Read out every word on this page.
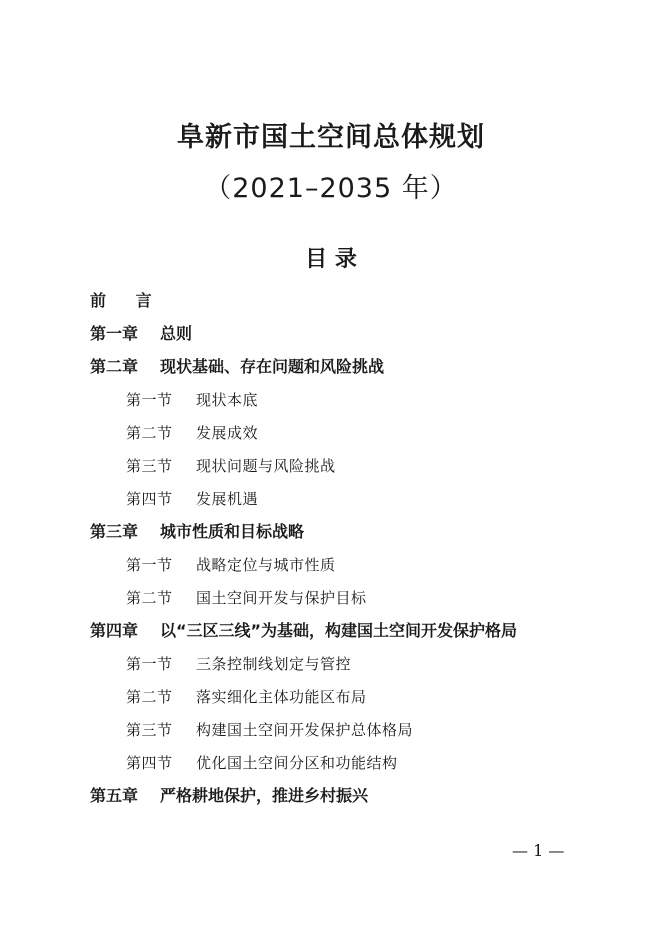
阜新市国土空间总体规划
（2021–2035 年）
目 录
前 言
第一章 总则
第二章 现状基础、存在问题和风险挑战
第一节 现状本底
第二节 发展成效
第三节 现状问题与风险挑战
第四节 发展机遇
第三章 城市性质和目标战略
第一节 战略定位与城市性质
第二节 国土空间开发与保护目标
第四章 以“三区三线”为基础，构建国土空间开发保护格局
第一节 三条控制线划定与管控
第二节 落实细化主体功能区布局
第三节 构建国土空间开发保护总体格局
第四节 优化国土空间分区和功能结构
第五章 严格耕地保护，推进乡村振兴
— 1 —
